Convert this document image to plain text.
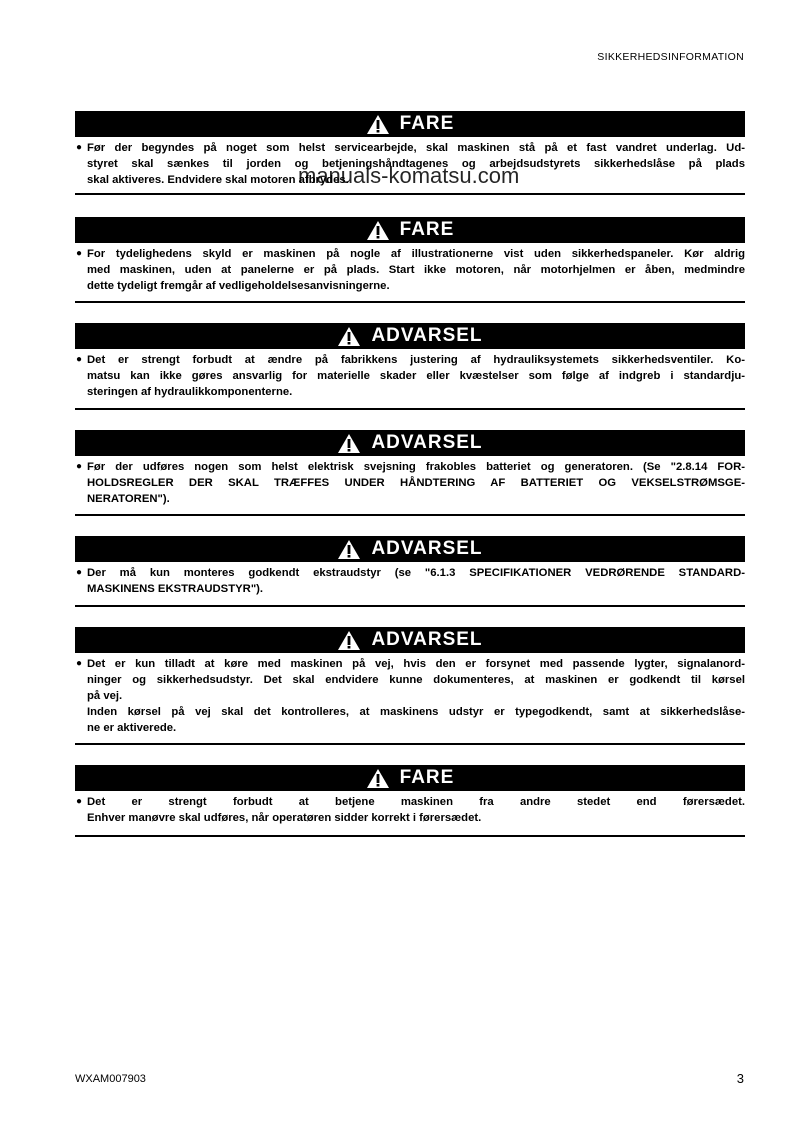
SIKKERHEDSINFORMATION
FARE
● Før der begyndes på noget som helst servicearbejde, skal maskinen stå på et fast vandret underlag. Ud-
styret skal sænkes til jorden og betjeningshåndtagenes og arbejdsudstyrets sikkerhedslåse på plads
skal aktiveres. Endvidere skal motoren afbrydes.
FARE
● For tydelighedens skyld er maskinen på nogle af illustrationerne vist uden sikkerhedspaneler. Kør aldrig
med maskinen, uden at panelerne er på plads. Start ikke motoren, når motorhjelmen er åben, medmindre
dette tydeligt fremgår af vedligeholdelsesanvisningerne.
ADVARSEL
● Det er strengt forbudt at ændre på fabrikkens justering af hydrauliksystemets sikkerhedsventiler. Ko-
matsu kan ikke gøres ansvarlig for materielle skader eller kvæstelser som følge af indgreb i standardju-
steringen af hydraulikkomponenterne.
ADVARSEL
● Før der udføres nogen som helst elektrisk svejsning frakobles batteriet og generatoren. (Se "2.8.14 FOR-
HOLDSREGLER DER SKAL TRÆFFES UNDER HÅNDTERING AF BATTERIET OG VEKSELSTRØMSGE-
NERATOREN").
ADVARSEL
● Der må kun monteres godkendt ekstraudstyr (se "6.1.3 SPECIFIKATIONER VEDRØRENDE STANDARD-
MASKINENS EKSTRAUDSTYR").
ADVARSEL
● Det er kun tilladt at køre med maskinen på vej, hvis den er forsynet med passende lygter, signalanord-
ninger og sikkerhedsudstyr. Det skal endvidere kunne dokumenteres, at maskinen er godkendt til kørsel
på vej.
Inden kørsel på vej skal det kontrolleres, at maskinens udstyr er typegodkendt, samt at sikkerhedslåse-
ne er aktiverede.
FARE
● Det er strengt forbudt at betjene maskinen fra andre stedet end førersædet.
Enhver manøvre skal udføres, når operatøren sidder korrekt i førersædet.
manuals-komatsu.com
WXAM007903	3
